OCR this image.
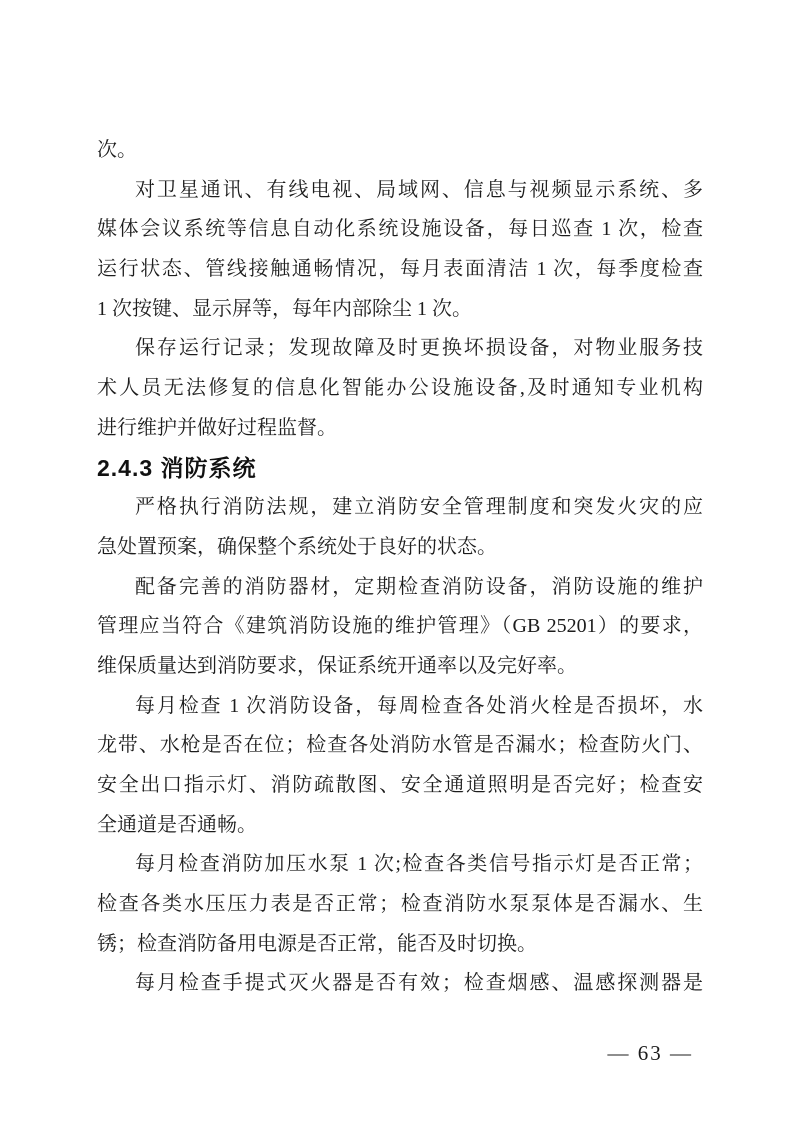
次。
对卫星通讯、有线电视、局域网、信息与视频显示系统、多
媒体会议系统等信息自动化系统设施设备，每日巡查 1 次，检查
运行状态、管线接触通畅情况，每月表面清洁 1 次，每季度检查
1 次按键、显示屏等，每年内部除尘 1 次。
保存运行记录；发现故障及时更换坏损设备，对物业服务技
术人员无法修复的信息化智能办公设施设备,及时通知专业机构
进行维护并做好过程监督。
2.4.3 消防系统
严格执行消防法规，建立消防安全管理制度和突发火灾的应
急处置预案，确保整个系统处于良好的状态。
配备完善的消防器材，定期检查消防设备，消防设施的维护
管理应当符合《建筑消防设施的维护管理》（GB 25201）的要求，
维保质量达到消防要求，保证系统开通率以及完好率。
每月检查 1 次消防设备，每周检查各处消火栓是否损坏，水
龙带、水枪是否在位；检查各处消防水管是否漏水；检查防火门、
安全出口指示灯、消防疏散图、安全通道照明是否完好；检查安
全通道是否通畅。
每月检查消防加压水泵 1 次;检查各类信号指示灯是否正常；
检查各类水压压力表是否正常；检查消防水泵泵体是否漏水、生
锈；检查消防备用电源是否正常，能否及时切换。
每月检查手提式灭火器是否有效；检查烟感、温感探测器是
— 63 —
